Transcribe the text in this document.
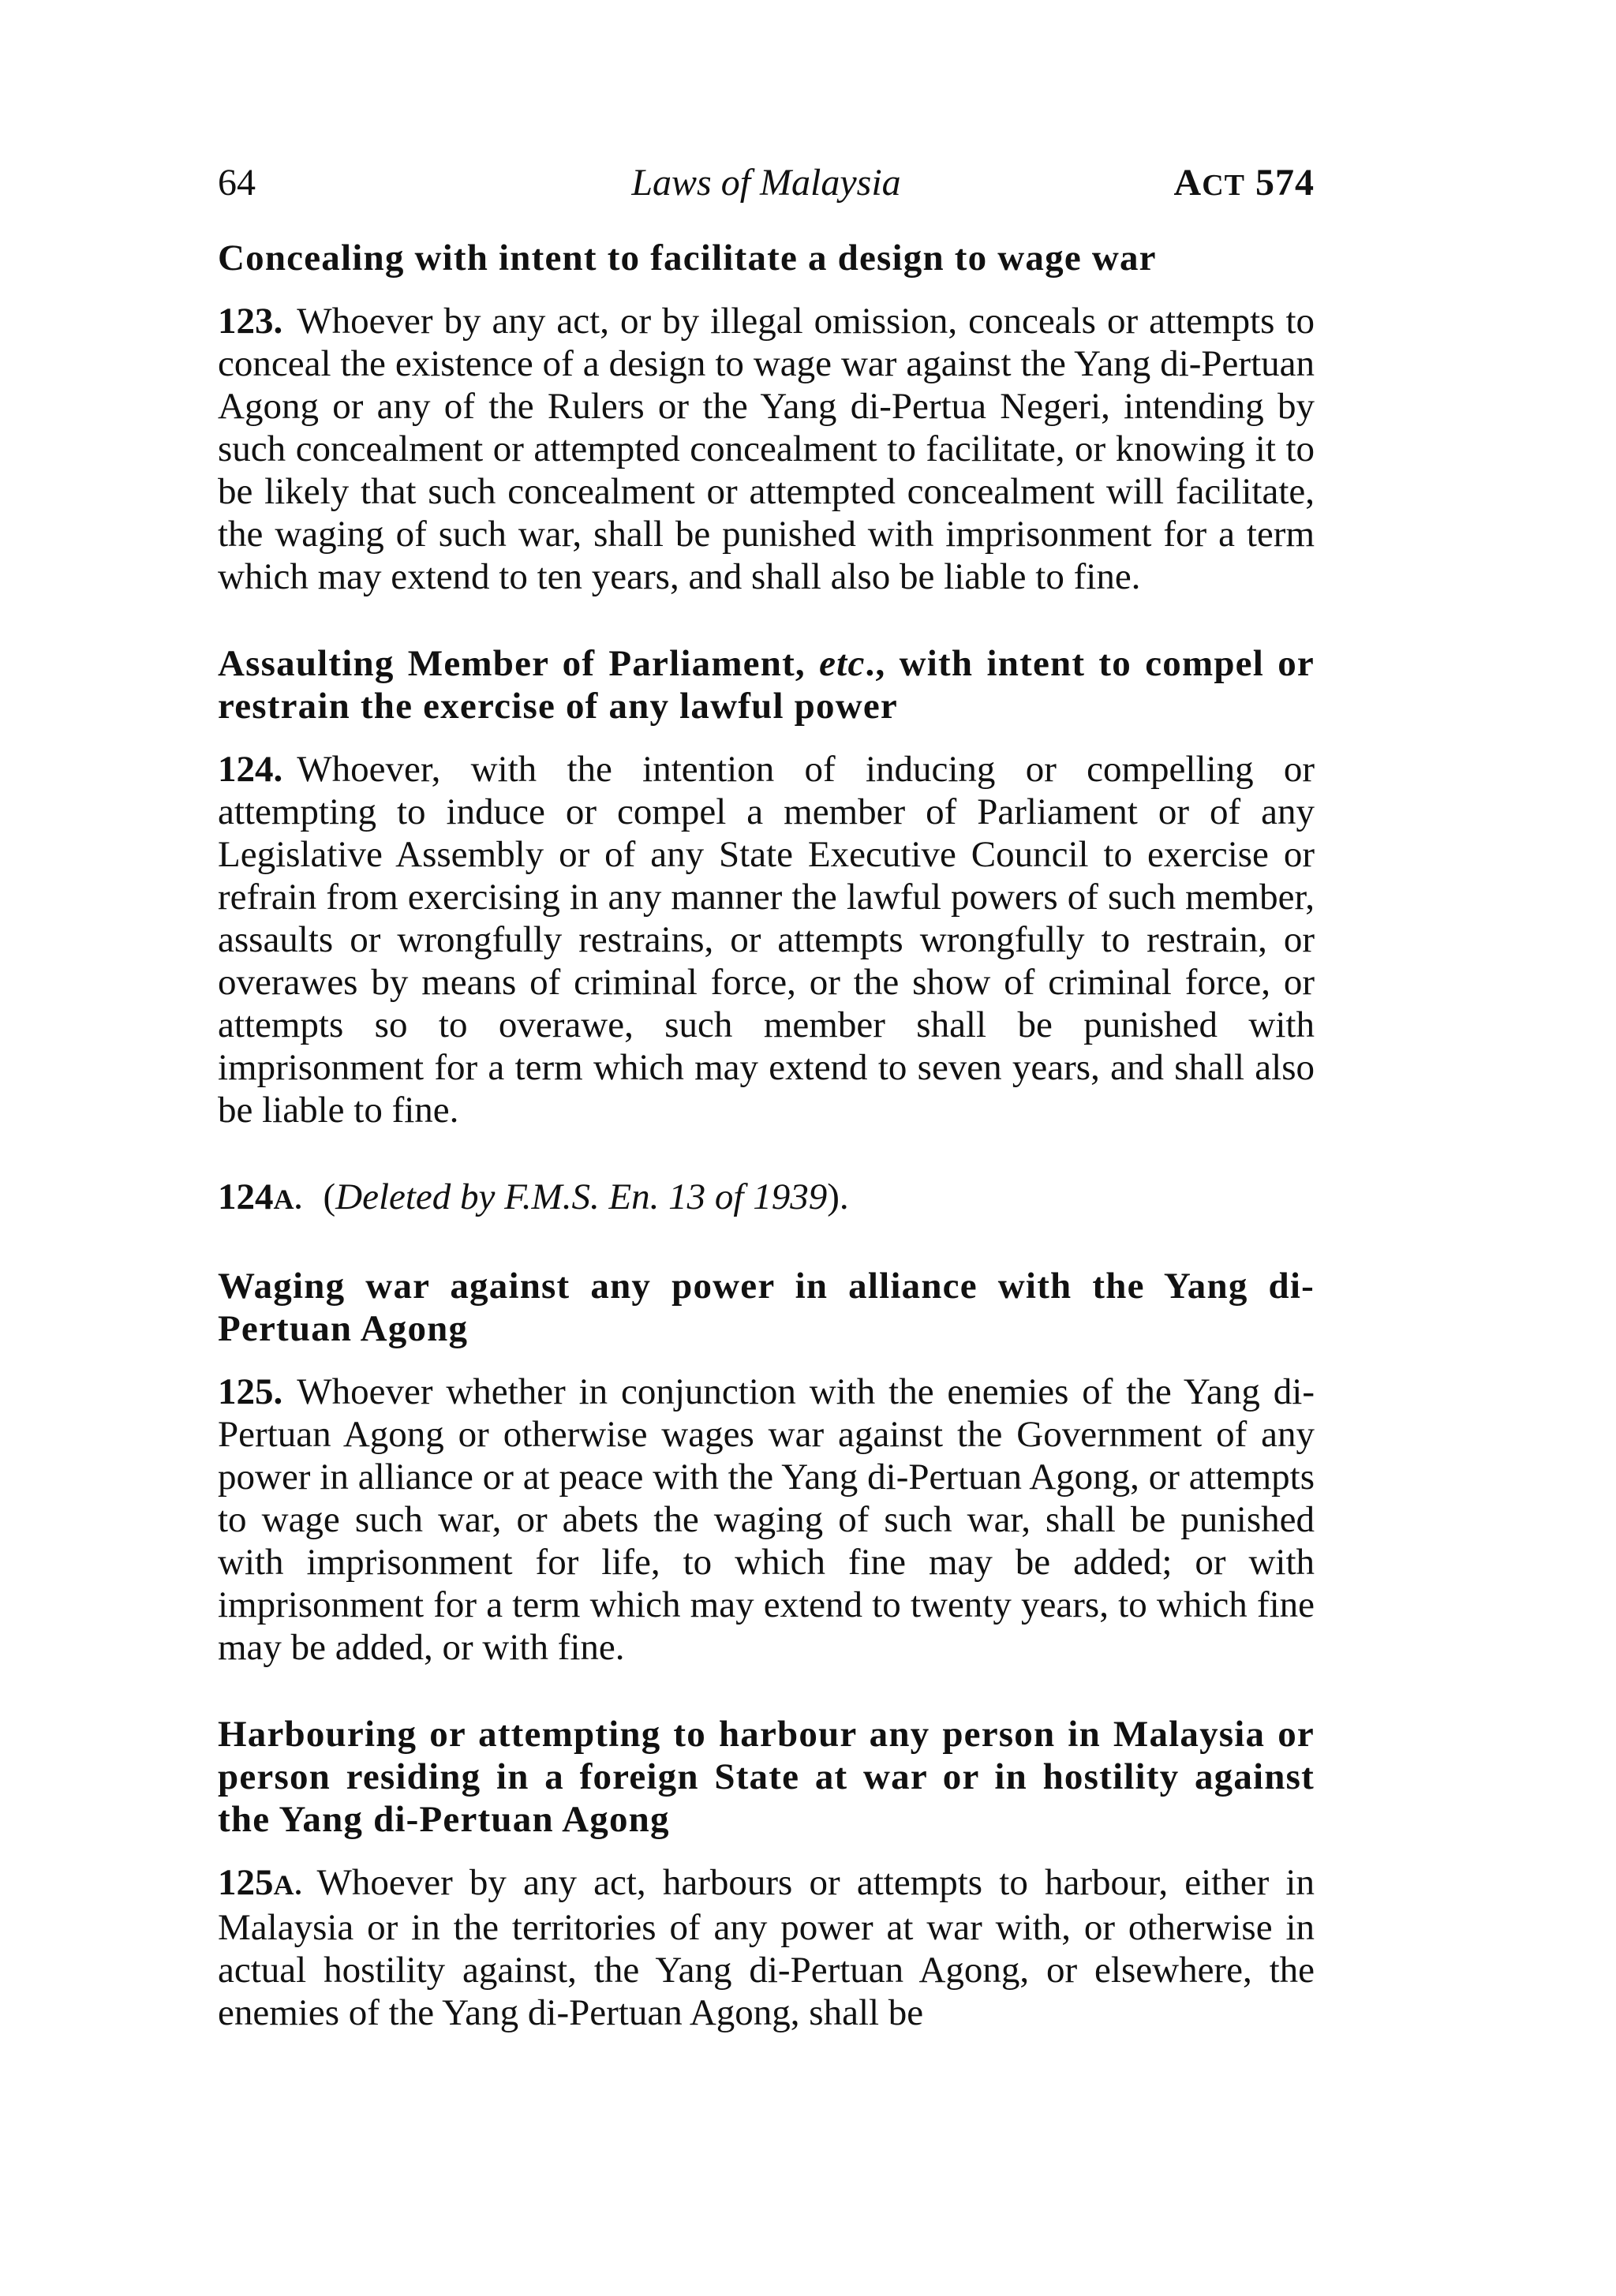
64	Laws of Malaysia	ACT 574

Concealing with intent to facilitate a design to wage war

123. Whoever by any act, or by illegal omission, conceals or attempts to conceal the existence of a design to wage war against the Yang di-Pertuan Agong or any of the Rulers or the Yang di-Pertua Negeri, intending by such concealment or attempted concealment to facilitate, or knowing it to be likely that such concealment or attempted concealment will facilitate, the waging of such war, shall be punished with imprisonment for a term which may extend to ten years, and shall also be liable to fine.

Assaulting Member of Parliament, etc., with intent to compel or restrain the exercise of any lawful power

124. Whoever, with the intention of inducing or compelling or attempting to induce or compel a member of Parliament or of any Legislative Assembly or of any State Executive Council to exercise or refrain from exercising in any manner the lawful powers of such member, assaults or wrongfully restrains, or attempts wrongfully to restrain, or overawes by means of criminal force, or the show of criminal force, or attempts so to overawe, such member shall be punished with imprisonment for a term which may extend to seven years, and shall also be liable to fine.

124A. (Deleted by F.M.S. En. 13 of 1939).

Waging war against any power in alliance with the Yang di-Pertuan Agong

125. Whoever whether in conjunction with the enemies of the Yang di-Pertuan Agong or otherwise wages war against the Government of any power in alliance or at peace with the Yang di-Pertuan Agong, or attempts to wage such war, or abets the waging of such war, shall be punished with imprisonment for life, to which fine may be added; or with imprisonment for a term which may extend to twenty years, to which fine may be added, or with fine.

Harbouring or attempting to harbour any person in Malaysia or person residing in a foreign State at war or in hostility against the Yang di-Pertuan Agong

125A. Whoever by any act, harbours or attempts to harbour, either in Malaysia or in the territories of any power at war with, or otherwise in actual hostility against, the Yang di-Pertuan Agong, or elsewhere, the enemies of the Yang di-Pertuan Agong, shall be
